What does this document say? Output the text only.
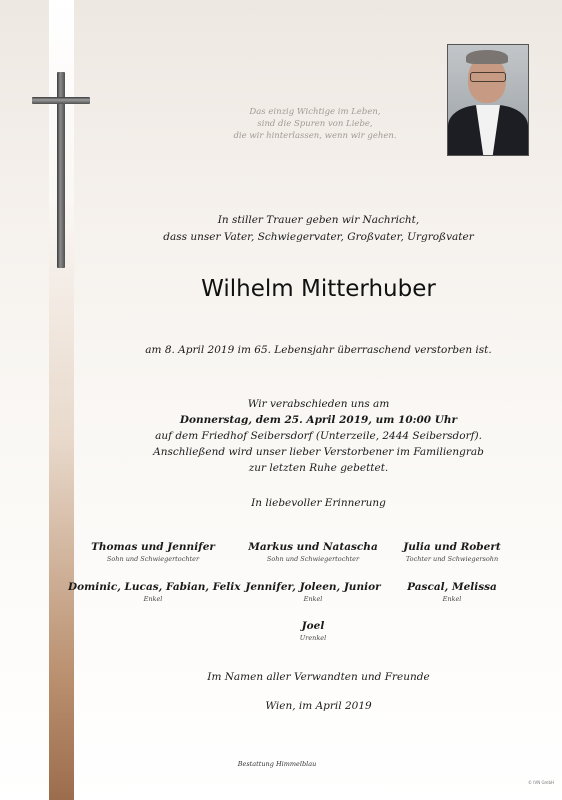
Das einzig Wichtige im Leben,
sind die Spuren von Liebe,
die wir hinterlassen, wenn wir gehen.
In stiller Trauer geben wir Nachricht,
dass unser Vater, Schwiegervater, Großvater, Urgroßvater
Wilhelm Mitterhuber
am 8. April 2019 im 65. Lebensjahr überraschend verstorben ist.
Wir verabschieden uns am
Donnerstag, dem 25. April 2019, um 10:00 Uhr
auf dem Friedhof Seibersdorf (Unterzeile, 2444 Seibersdorf).
Anschließend wird unser lieber Verstorbener im Familiengrab
zur letzten Ruhe gebettet.
In liebevoller Erinnerung
Thomas und Jennifer
Sohn und Schwiegertochter
Markus und Natascha
Sohn und Schwiegertochter
Julia und Robert
Tochter und Schwiegersohn
Dominic, Lucas, Fabian, Felix
Enkel
Jennifer, Joleen, Junior
Enkel
Pascal, Melissa
Enkel
Joel
Urenkel
Im Namen aller Verwandten und Freunde
Wien, im April 2019
Bestattung Himmelblau
© IVN GmbH
